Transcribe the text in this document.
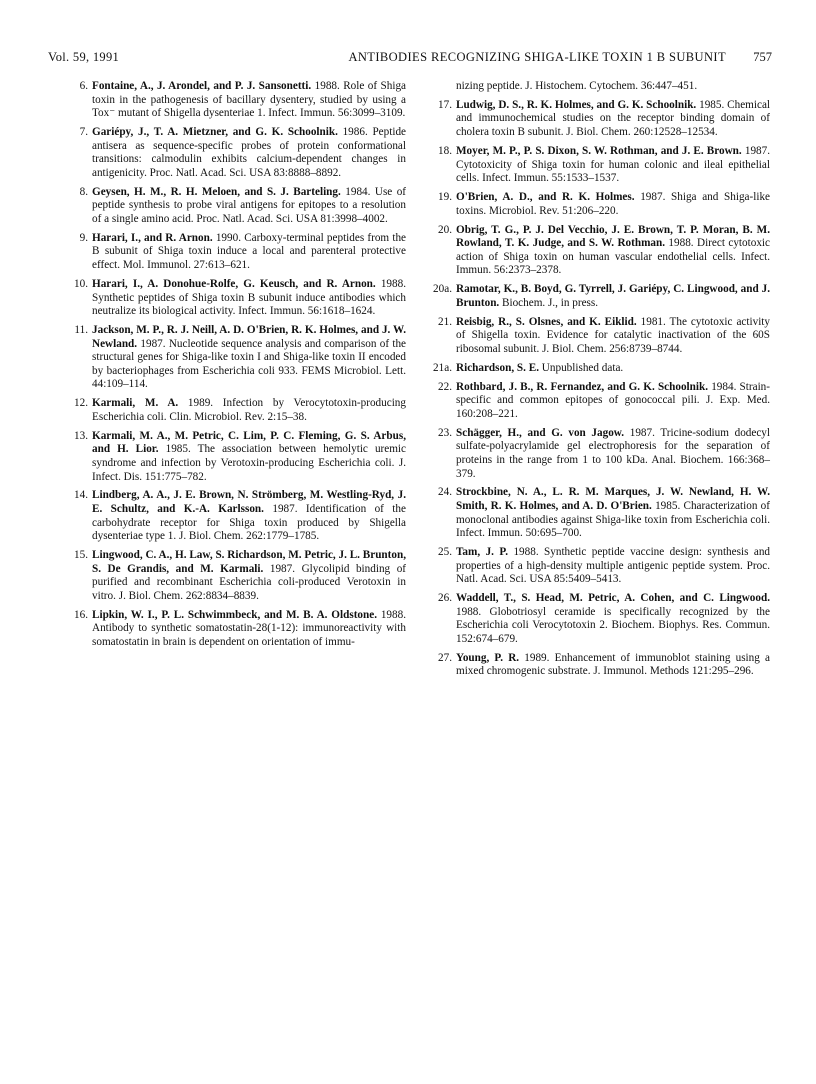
Vol. 59, 1991	ANTIBODIES RECOGNIZING SHIGA-LIKE TOXIN 1 B SUBUNIT 757
6. Fontaine, A., J. Arondel, and P. J. Sansonetti. 1988. Role of Shiga toxin in the pathogenesis of bacillary dysentery, studied by using a Tox⁻ mutant of Shigella dysenteriae 1. Infect. Immun. 56:3099–3109.
7. Gariépy, J., T. A. Mietzner, and G. K. Schoolnik. 1986. Peptide antisera as sequence-specific probes of protein conformational transitions: calmodulin exhibits calcium-dependent changes in antigenicity. Proc. Natl. Acad. Sci. USA 83:8888–8892.
8. Geysen, H. M., R. H. Meloen, and S. J. Barteling. 1984. Use of peptide synthesis to probe viral antigens for epitopes to a resolution of a single amino acid. Proc. Natl. Acad. Sci. USA 81:3998–4002.
9. Harari, I., and R. Arnon. 1990. Carboxy-terminal peptides from the B subunit of Shiga toxin induce a local and parenteral protective effect. Mol. Immunol. 27:613–621.
10. Harari, I., A. Donohue-Rolfe, G. Keusch, and R. Arnon. 1988. Synthetic peptides of Shiga toxin B subunit induce antibodies which neutralize its biological activity. Infect. Immun. 56:1618–1624.
11. Jackson, M. P., R. J. Neill, A. D. O'Brien, R. K. Holmes, and J. W. Newland. 1987. Nucleotide sequence analysis and comparison of the structural genes for Shiga-like toxin I and Shiga-like toxin II encoded by bacteriophages from Escherichia coli 933. FEMS Microbiol. Lett. 44:109–114.
12. Karmali, M. A. 1989. Infection by Verocytotoxin-producing Escherichia coli. Clin. Microbiol. Rev. 2:15–38.
13. Karmali, M. A., M. Petric, C. Lim, P. C. Fleming, G. S. Arbus, and H. Lior. 1985. The association between hemolytic uremic syndrome and infection by Verotoxin-producing Escherichia coli. J. Infect. Dis. 151:775–782.
14. Lindberg, A. A., J. E. Brown, N. Strömberg, M. Westling-Ryd, J. E. Schultz, and K.-A. Karlsson. 1987. Identification of the carbohydrate receptor for Shiga toxin produced by Shigella dysenteriae type 1. J. Biol. Chem. 262:1779–1785.
15. Lingwood, C. A., H. Law, S. Richardson, M. Petric, J. L. Brunton, S. De Grandis, and M. Karmali. 1987. Glycolipid binding of purified and recombinant Escherichia coli-produced Verotoxin in vitro. J. Biol. Chem. 262:8834–8839.
16. Lipkin, W. I., P. L. Schwimmbeck, and M. B. A. Oldstone. 1988. Antibody to synthetic somatostatin-28(1-12): immunoreactivity with somatostatin in brain is dependent on orientation of immu-
nizing peptide. J. Histochem. Cytochem. 36:447–451.
17. Ludwig, D. S., R. K. Holmes, and G. K. Schoolnik. 1985. Chemical and immunochemical studies on the receptor binding domain of cholera toxin B subunit. J. Biol. Chem. 260:12528–12534.
18. Moyer, M. P., P. S. Dixon, S. W. Rothman, and J. E. Brown. 1987. Cytotoxicity of Shiga toxin for human colonic and ileal epithelial cells. Infect. Immun. 55:1533–1537.
19. O'Brien, A. D., and R. K. Holmes. 1987. Shiga and Shiga-like toxins. Microbiol. Rev. 51:206–220.
20. Obrig, T. G., P. J. Del Vecchio, J. E. Brown, T. P. Moran, B. M. Rowland, T. K. Judge, and S. W. Rothman. 1988. Direct cytotoxic action of Shiga toxin on human vascular endothelial cells. Infect. Immun. 56:2373–2378.
20a. Ramotar, K., B. Boyd, G. Tyrrell, J. Gariépy, C. Lingwood, and J. Brunton. Biochem. J., in press.
21. Reisbig, R., S. Olsnes, and K. Eiklid. 1981. The cytotoxic activity of Shigella toxin. Evidence for catalytic inactivation of the 60S ribosomal subunit. J. Biol. Chem. 256:8739–8744.
21a. Richardson, S. E. Unpublished data.
22. Rothbard, J. B., R. Fernandez, and G. K. Schoolnik. 1984. Strain-specific and common epitopes of gonococcal pili. J. Exp. Med. 160:208–221.
23. Schägger, H., and G. von Jagow. 1987. Tricine-sodium dodecyl sulfate-polyacrylamide gel electrophoresis for the separation of proteins in the range from 1 to 100 kDa. Anal. Biochem. 166:368–379.
24. Strockbine, N. A., L. R. M. Marques, J. W. Newland, H. W. Smith, R. K. Holmes, and A. D. O'Brien. 1985. Characterization of monoclonal antibodies against Shiga-like toxin from Escherichia coli. Infect. Immun. 50:695–700.
25. Tam, J. P. 1988. Synthetic peptide vaccine design: synthesis and properties of a high-density multiple antigenic peptide system. Proc. Natl. Acad. Sci. USA 85:5409–5413.
26. Waddell, T., S. Head, M. Petric, A. Cohen, and C. Lingwood. 1988. Globotriosyl ceramide is specifically recognized by the Escherichia coli Verocytotoxin 2. Biochem. Biophys. Res. Commun. 152:674–679.
27. Young, P. R. 1989. Enhancement of immunoblot staining using a mixed chromogenic substrate. J. Immunol. Methods 121:295–296.
